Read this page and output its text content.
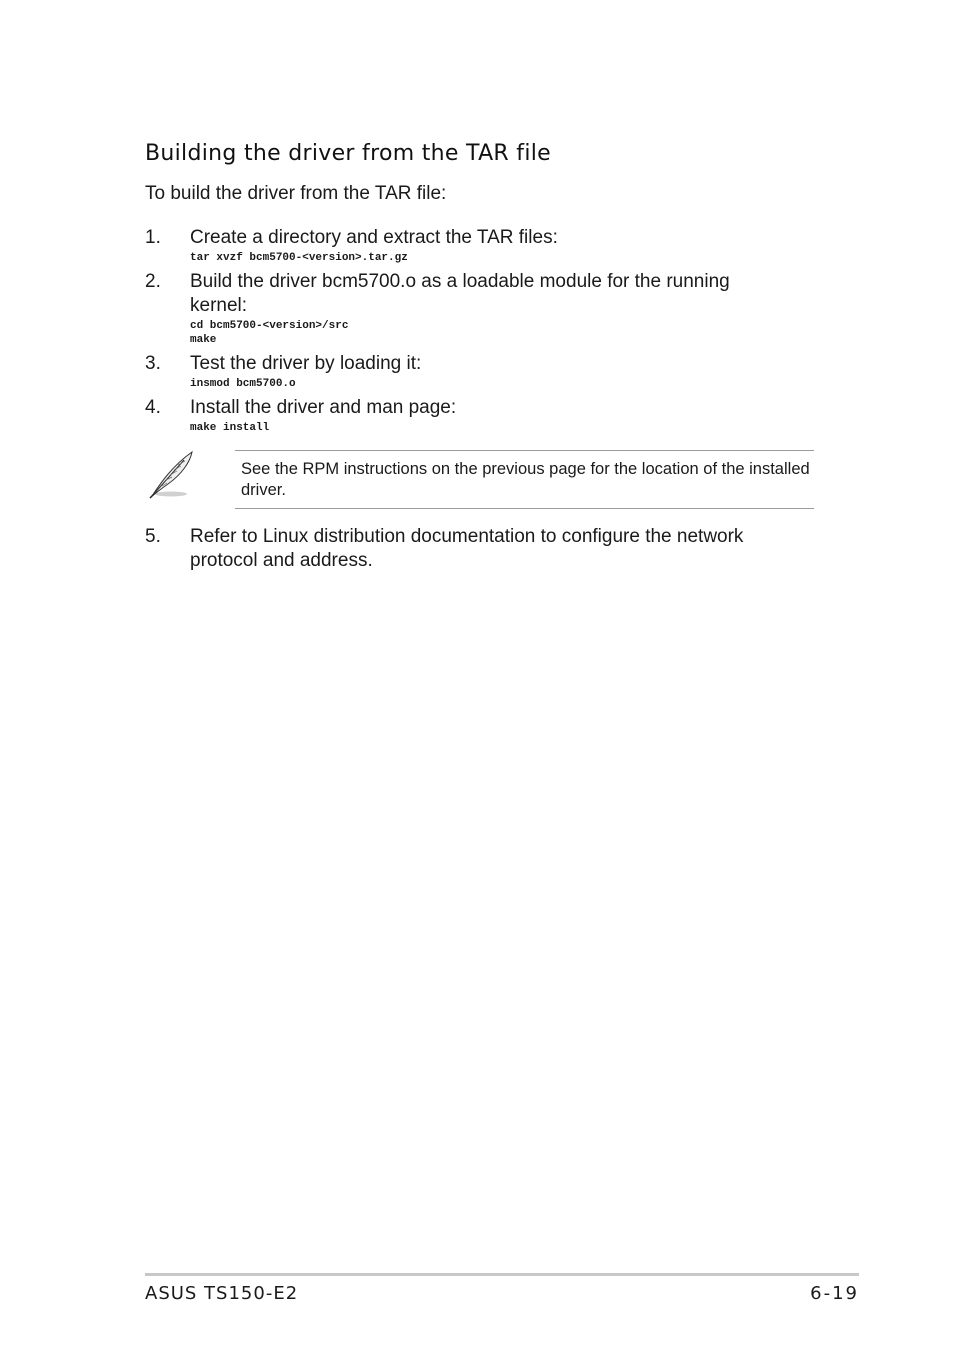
Building the driver from the TAR file
To build the driver from the TAR file:
1. Create a directory and extract the TAR files:
tar xvzf bcm5700-<version>.tar.gz
2. Build the driver bcm5700.o as a loadable module for the running kernel:
cd bcm5700-<version>/src
make
3. Test the driver by loading it:
insmod bcm5700.o
4. Install the driver and man page:
make install
See the RPM instructions on the previous page for the location of the installed driver.
5. Refer to Linux distribution documentation to configure the network protocol and address.
ASUS TS150-E2	6-19
